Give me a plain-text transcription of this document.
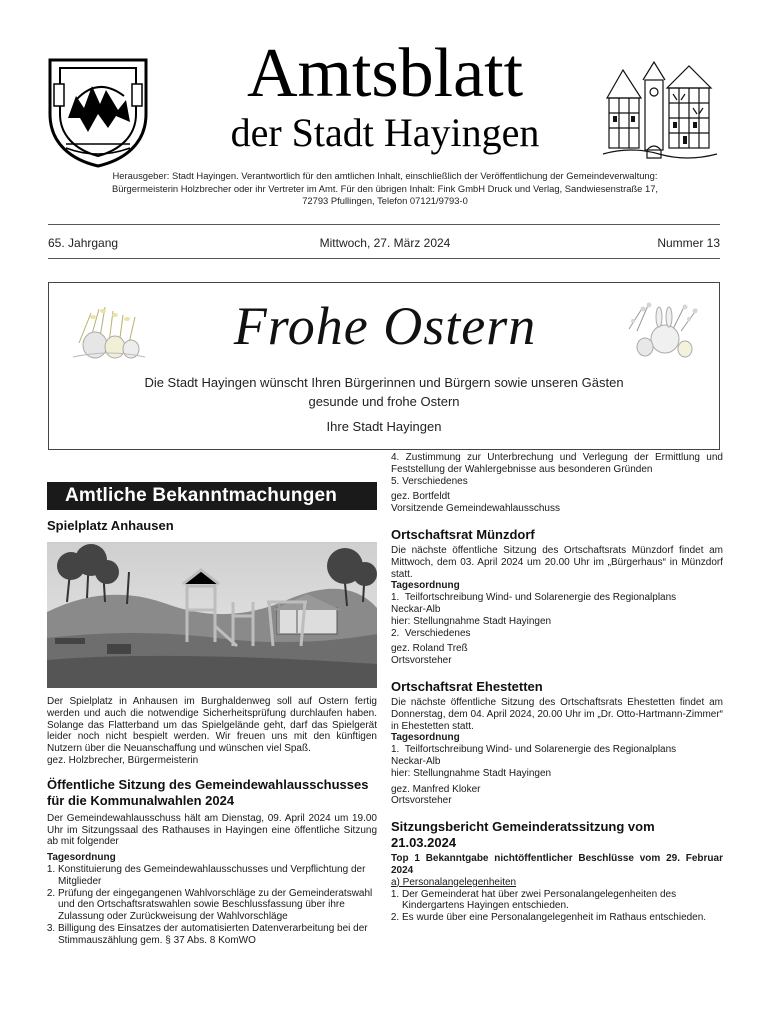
Amtsblatt
der Stadt Hayingen
Herausgeber: Stadt Hayingen. Verantwortlich für den amtlichen Inhalt, einschließlich der Veröffentlichung der Gemeindeverwaltung:
Bürgermeisterin Holzbrecher oder ihr Vertreter im Amt. Für den übrigen Inhalt: Fink GmbH Druck und Verlag, Sandwiesenstraße 17,
72793 Pfullingen, Telefon 07121/9793-0
65. Jahrgang	Mittwoch, 27. März 2024	Nummer 13
Frohe Ostern
Die Stadt Hayingen wünscht Ihren Bürgerinnen und Bürgern sowie unseren Gästen
gesunde und frohe Ostern
Ihre Stadt Hayingen
Amtliche Bekanntmachungen
Spielplatz Anhausen

Der Spielplatz in Anhausen im Burghaldenweg soll auf Ostern fertig werden und auch die notwendige Sicherheitsprüfung durchlaufen haben. Solange das Flatterband um das Spielgelände geht, darf das Spielgerät leider noch nicht bespielt werden. Wir freuen uns mit den künftigen Nutzern über die Neuanschaffung und wünschen viel Spaß.

gez. Holzbrecher, Bürgermeisterin

Öffentliche Sitzung des Gemeindewahlausschusses für die Kommunalwahlen 2024

Der Gemeindewahlausschuss hält am Dienstag, 09. April 2024 um 19.00 Uhr im Sitzungssaal des Rathauses in Hayingen eine öffentliche Sitzung ab mit folgender

Tagesordnung

1. Konstituierung des Gemeindewahlausschusses und Verpflichtung der Mitglieder
2. Prüfung der eingegangenen Wahlvorschläge zu der Gemeinderatswahl und den Ortschaftsratswahlen sowie Beschlussfassung über ihre Zulassung oder Zurückweisung der Wahlvorschläge
3. Billigung des Einsatzes der automatisierten Datenverarbeitung bei der Stimmauszählung gem. § 37 Abs. 8 KomWO

4. Zustimmung zur Unterbrechung und Verlegung der Ermittlung und Feststellung der Wahlergebnisse aus besonderen Gründen

5. Verschiedenes

gez. Bortfeldt

Vorsitzende Gemeindewahlausschuss

Ortschaftsrat Münzdorf

Die nächste öffentliche Sitzung des Ortschaftsrats Münzdorf findet am Mittwoch, dem 03. April 2024 um 20.00 Uhr im „Bürgerhaus“ in Münzdorf statt.

Tagesordnung

1.  Teilfortschreibung Wind- und Solarenergie des Regionalplans

Neckar-Alb

hier: Stellungnahme Stadt Hayingen

2.  Verschiedenes

gez. Roland Treß

Ortsvorsteher

Ortschaftsrat Ehestetten

Die nächste öffentliche Sitzung des Ortschaftsrats Ehestetten findet am Donnerstag, dem 04. April 2024, 20.00 Uhr im „Dr. Otto-Hartmann-Zimmer“ in Ehestetten statt.

Tagesordnung

1.  Teilfortschreibung Wind- und Solarenergie des Regionalplans

Neckar-Alb

hier: Stellungnahme Stadt Hayingen

gez. Manfred Kloker

Ortsvorsteher

Sitzungsbericht Gemeinderatssitzung vom 21.03.2024

Top 1 Bekanntgabe nichtöffentlicher Beschlüsse vom 29. Februar 2024

a) Personalangelegenheiten

1. Der Gemeinderat hat über zwei Personalangelegenheiten des Kindergartens Hayingen entschieden.
2. Es wurde über eine Personalangelegenheit im Rathaus entschieden.
